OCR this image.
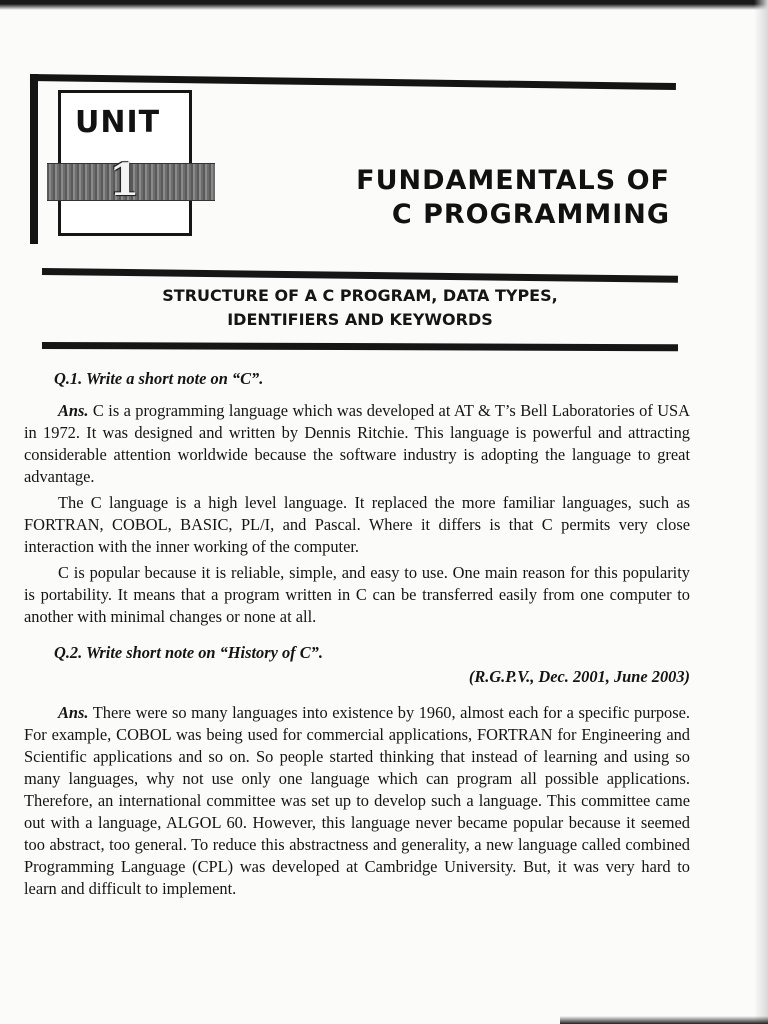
UNIT
1	FUNDAMENTALS OF
C PROGRAMMING
STRUCTURE OF A C PROGRAM, DATA TYPES,
IDENTIFIERS AND KEYWORDS
Q.1. Write a short note on “C”.

Ans. C is a programming language which was developed at AT & T’s Bell Laboratories of USA in 1972. It was designed and written by Dennis Ritchie. This language is powerful and attracting considerable attention worldwide because the software industry is adopting the language to great advantage.

The C language is a high level language. It replaced the more familiar languages, such as FORTRAN, COBOL, BASIC, PL/I, and Pascal. Where it differs is that C permits very close interaction with the inner working of the computer.

C is popular because it is reliable, simple, and easy to use. One main reason for this popularity is portability. It means that a program written in C can be transferred easily from one computer to another with minimal changes or none at all.

Q.2. Write short note on “History of C”.
(R.G.P.V., Dec. 2001, June 2003)

Ans. There were so many languages into existence by 1960, almost each for a specific purpose. For example, COBOL was being used for commercial applications, FORTRAN for Engineering and Scientific applications and so on. So people started thinking that instead of learning and using so many languages, why not use only one language which can program all possible applications. Therefore, an international committee was set up to develop such a language. This committee came out with a language, ALGOL 60. However, this language never became popular because it seemed too abstract, too general. To reduce this abstractness and generality, a new language called combined Programming Language (CPL) was developed at Cambridge University. But, it was very hard to learn and difficult to implement.
